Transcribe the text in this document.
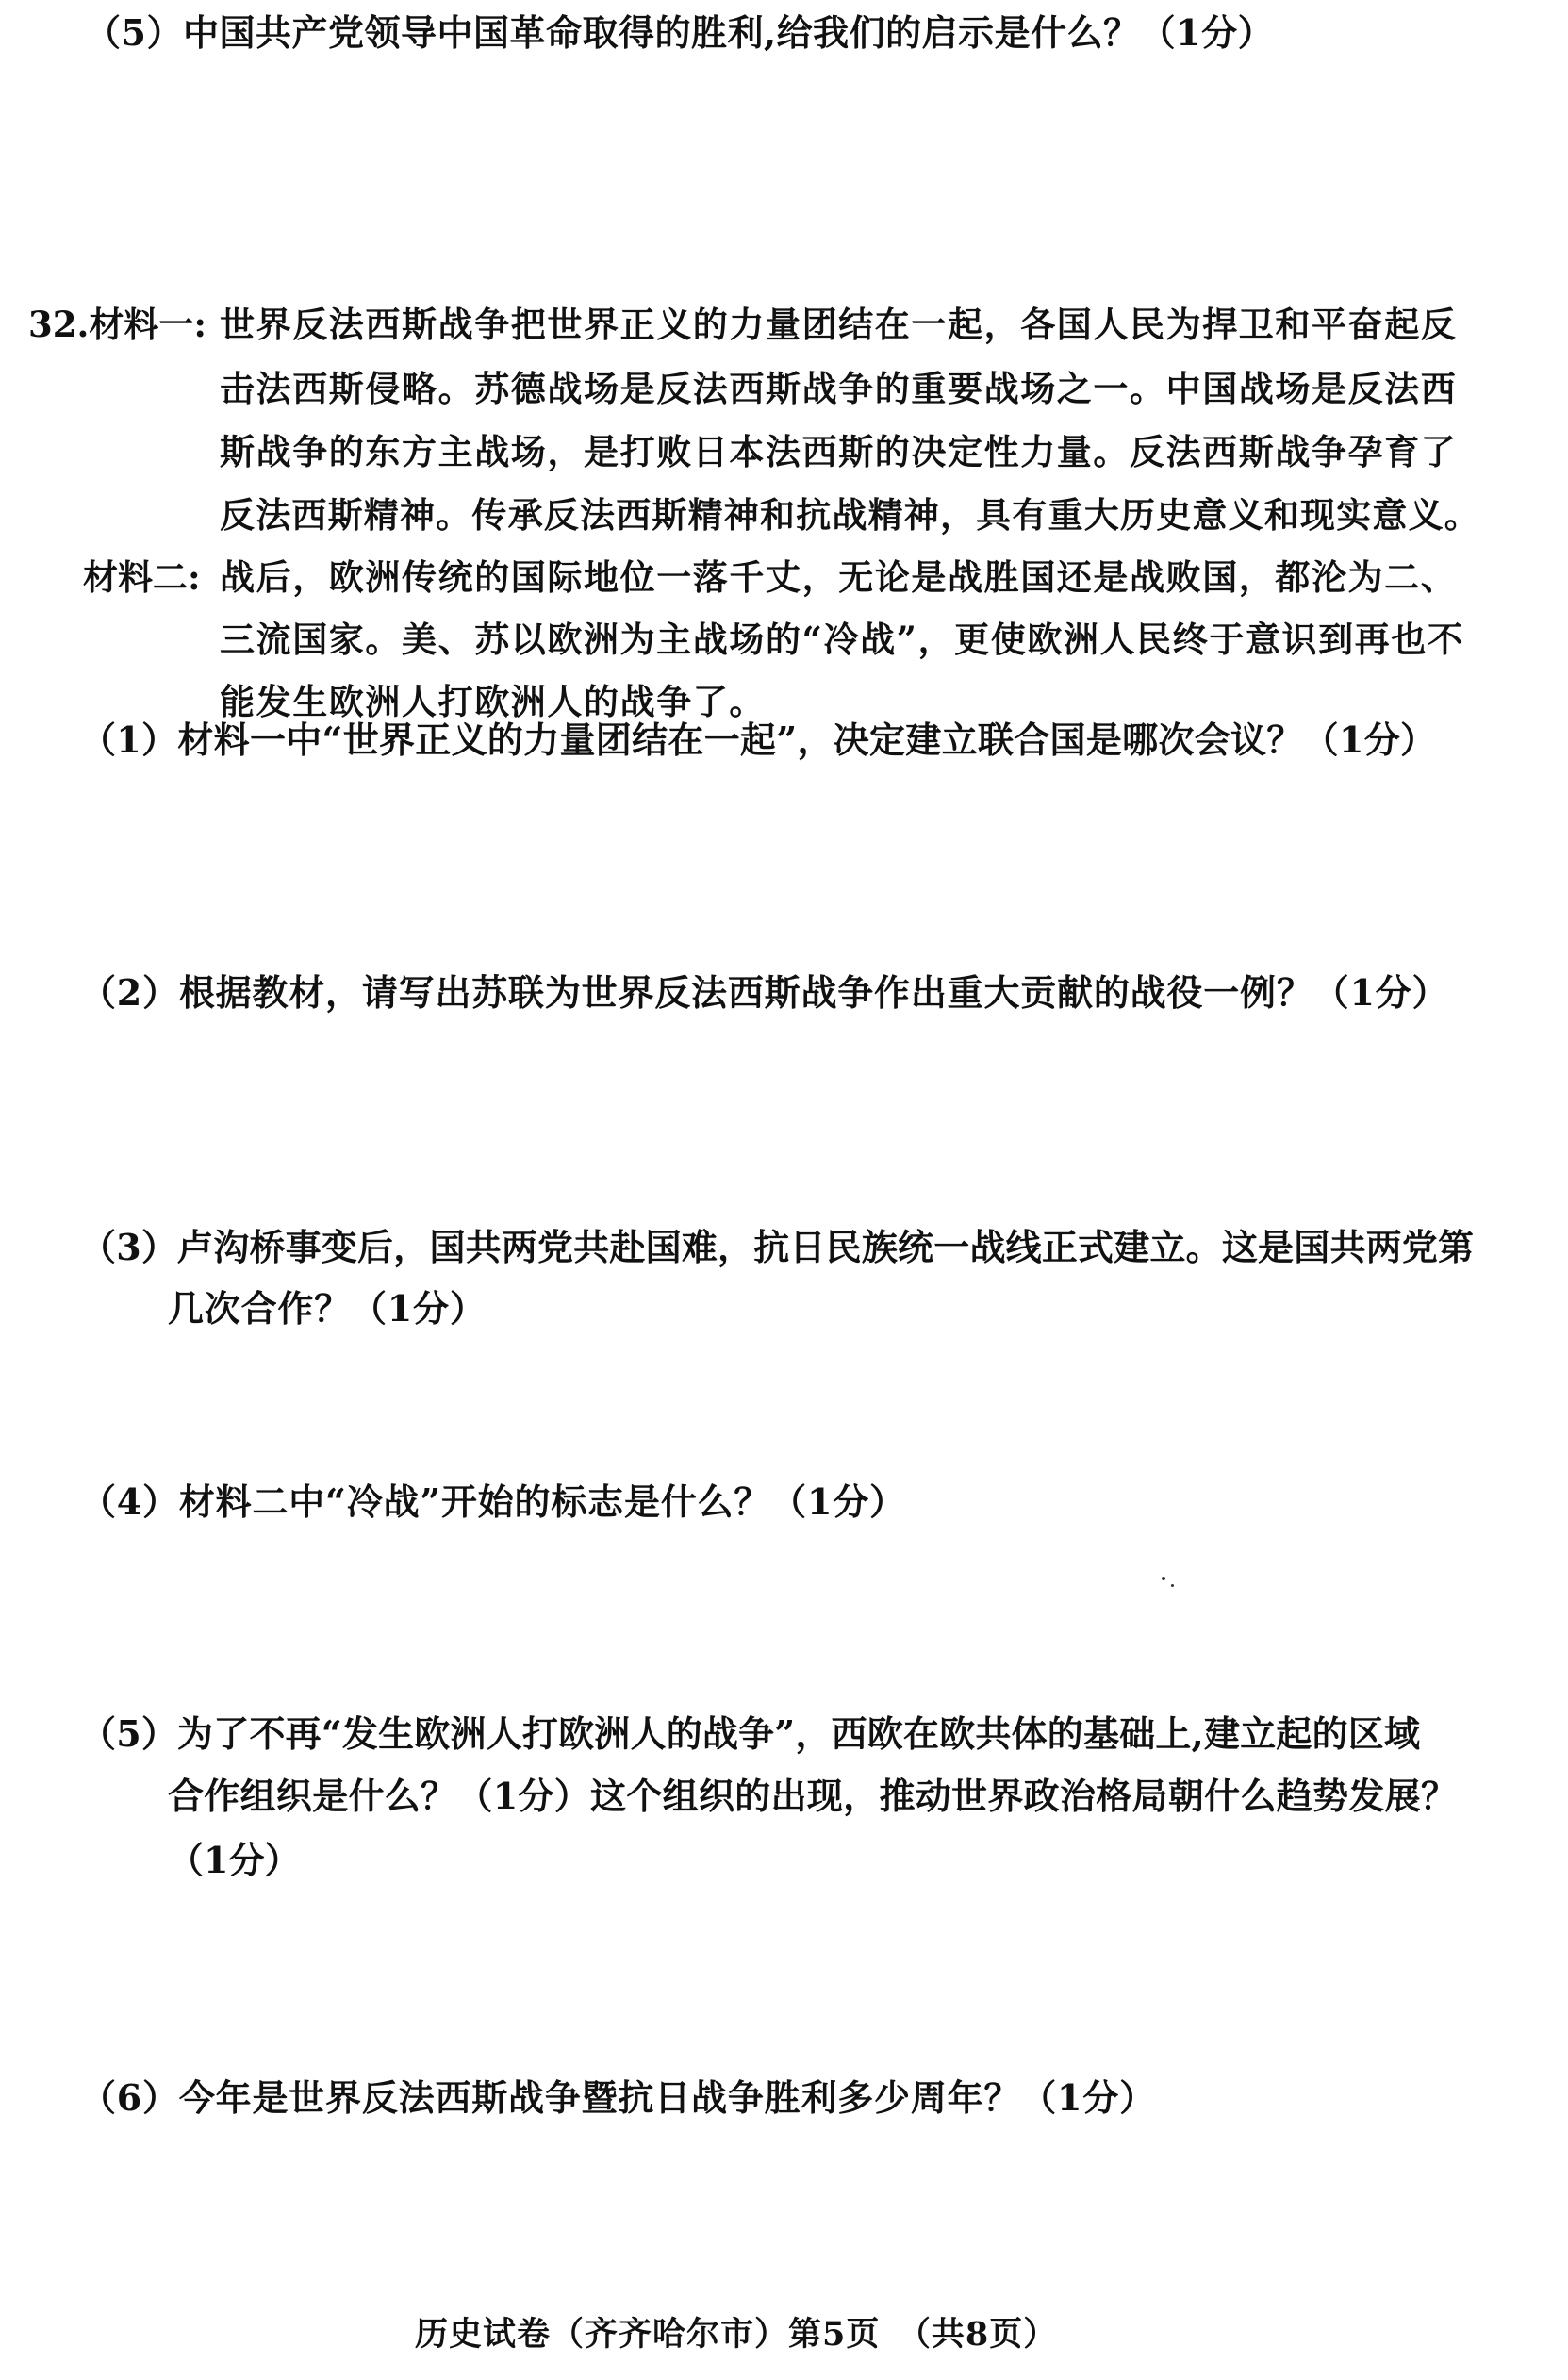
（5）中国共产党领导中国革命取得的胜利,给我们的启示是什么？（1分）
32.材料一: 世界反法西斯战争把世界正义的力量团结在一起，各国人民为捍卫和平奋起反
击法西斯侵略。苏德战场是反法西斯战争的重要战场之一。中国战场是反法西
斯战争的东方主战场，是打败日本法西斯的决定性力量。反法西斯战争孕育了
反法西斯精神。传承反法西斯精神和抗战精神，具有重大历史意义和现实意义。
材料二: 战后，欧洲传统的国际地位一落千丈，无论是战胜国还是战败国，都沦为二、
三流国家。美、苏以欧洲为主战场的“冷战”，更使欧洲人民终于意识到再也不
能发生欧洲人打欧洲人的战争了。
（1）材料一中“世界正义的力量团结在一起”，决定建立联合国是哪次会议？（1分）
（2）根据教材，请写出苏联为世界反法西斯战争作出重大贡献的战役一例？（1分）
（3）卢沟桥事变后，国共两党共赴国难，抗日民族统一战线正式建立。这是国共两党第
几次合作？（1分）
（4）材料二中“冷战”开始的标志是什么？（1分）
（5）为了不再“发生欧洲人打欧洲人的战争”，西欧在欧共体的基础上,建立起的区域
合作组织是什么？（1分）这个组织的出现，推动世界政治格局朝什么趋势发展？
（1分）
（6）今年是世界反法西斯战争暨抗日战争胜利多少周年？（1分）
历史试卷（齐齐哈尔市）第5页　（共8页）
